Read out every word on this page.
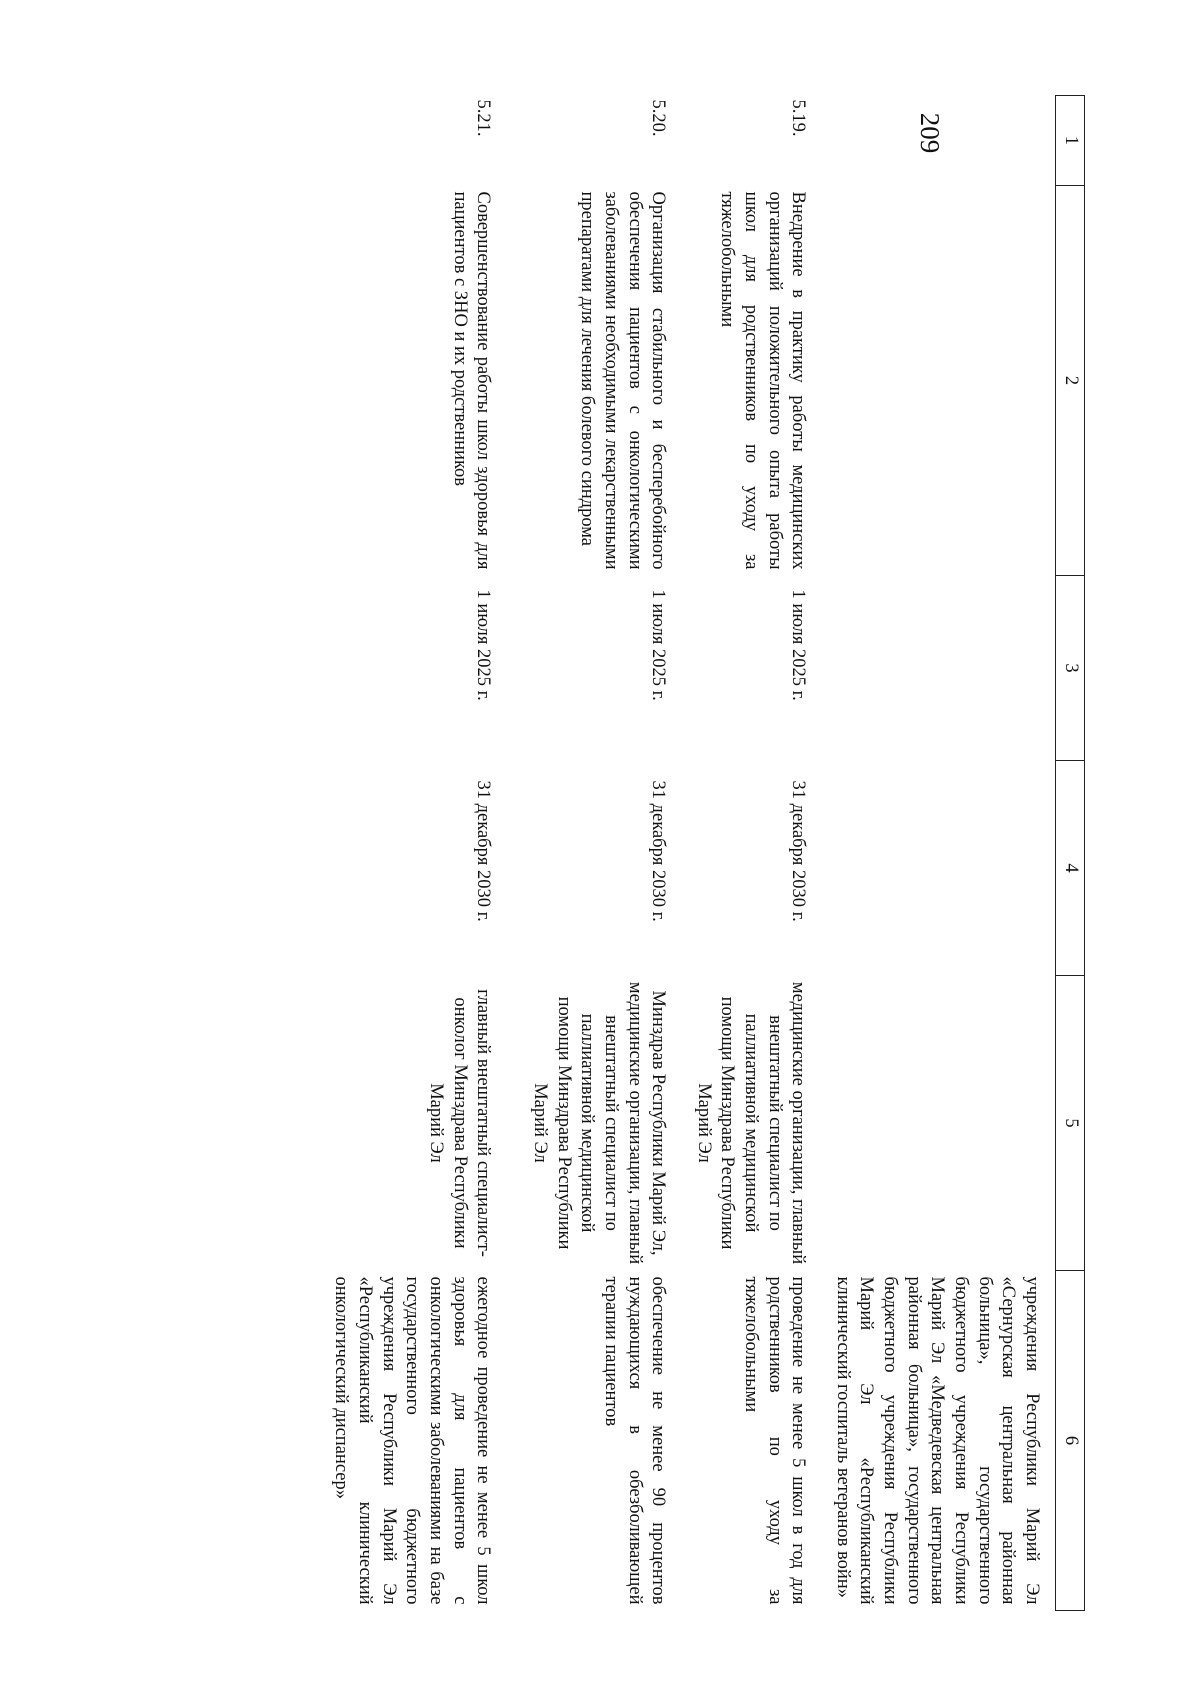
209	1	2	3	4	5	6
					учреждения Республики Марий Эл «Сернурская центральная районная больница», государственного бюджетного учреждения Республики Марий Эл «Медведевская центральная районная больница», государственного бюджетного учреждения Республики Марий Эл «Республиканский клинический госпиталь ветеранов войн»
5.19.	Внедрение в практику работы медицинских организаций положительного опыта работы школ для родственников по уходу за тяжелобольными	1 июля 2025 г.	31 декабря 2030 г.	медицинские организации, главный внештатный специалист по паллиативной медицинской помощи Минздрава Республики Марий Эл	проведение не менее 5 школ в год для родственников по уходу за тяжелобольными
5.20.	Организация стабильного и бесперебойного обеспечения пациентов с онкологическими заболеваниями необходимыми лекарственными препаратами для лечения болевого синдрома	1 июля 2025 г.	31 декабря 2030 г.	Минздрав Республики Марий Эл, медицинские организации, главный внештатный специалист по паллиативной медицинской помощи Минздрава Республики Марий Эл	обеспечение не менее 90 процентов нуждающихся в обезболивающей терапии пациентов
5.21.	Совершенствование работы школ здоровья для пациентов с ЗНО и их родственников	1 июля 2025 г.	31 декабря 2030 г.	главный внештатный специалист-онколог Минздрава Республики Марий Эл	ежегодное проведение не менее 5 школ здоровья для пациентов с онкологическими заболеваниями на базе государственного бюджетного учреждения Республики Марий Эл «Республиканский клинический онкологический диспансер»
